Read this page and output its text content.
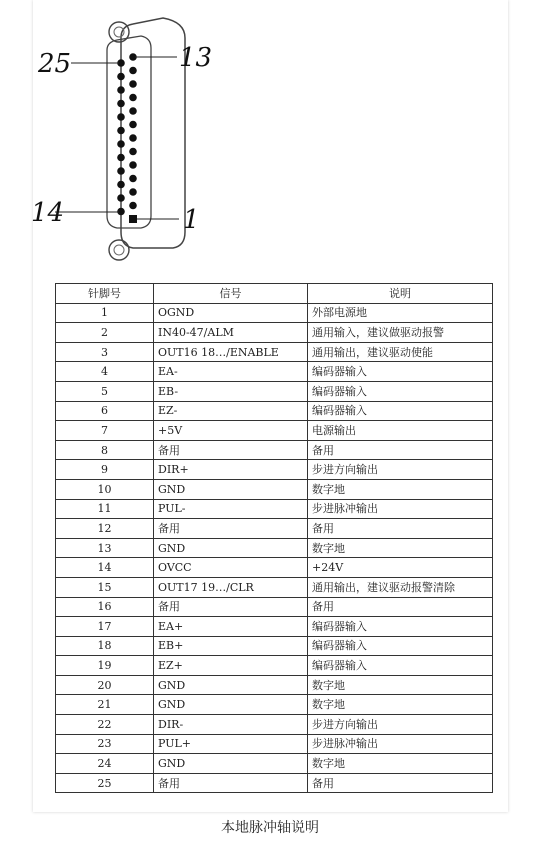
25	13
14	1
针脚号	信号	说明
1	OGND	外部电源地
2	IN40-47/ALM	通用输入，建议做驱动报警
3	OUT16 18…/ENABLE	通用输出，建议驱动使能
4	EA-	编码器输入
5	EB-	编码器输入
6	EZ-	编码器输入
7	+5V	电源输出
8	备用	备用
9	DIR+	步进方向输出
10	GND	数字地
11	PUL-	步进脉冲输出
12	备用	备用
13	GND	数字地
14	OVCC	+24V
15	OUT17 19…/CLR	通用输出，建议驱动报警清除
16	备用	备用
17	EA+	编码器输入
18	EB+	编码器输入
19	EZ+	编码器输入
20	GND	数字地
21	GND	数字地
22	DIR-	步进方向输出
23	PUL+	步进脉冲输出
24	GND	数字地
25	备用	备用
本地脉冲轴说明
